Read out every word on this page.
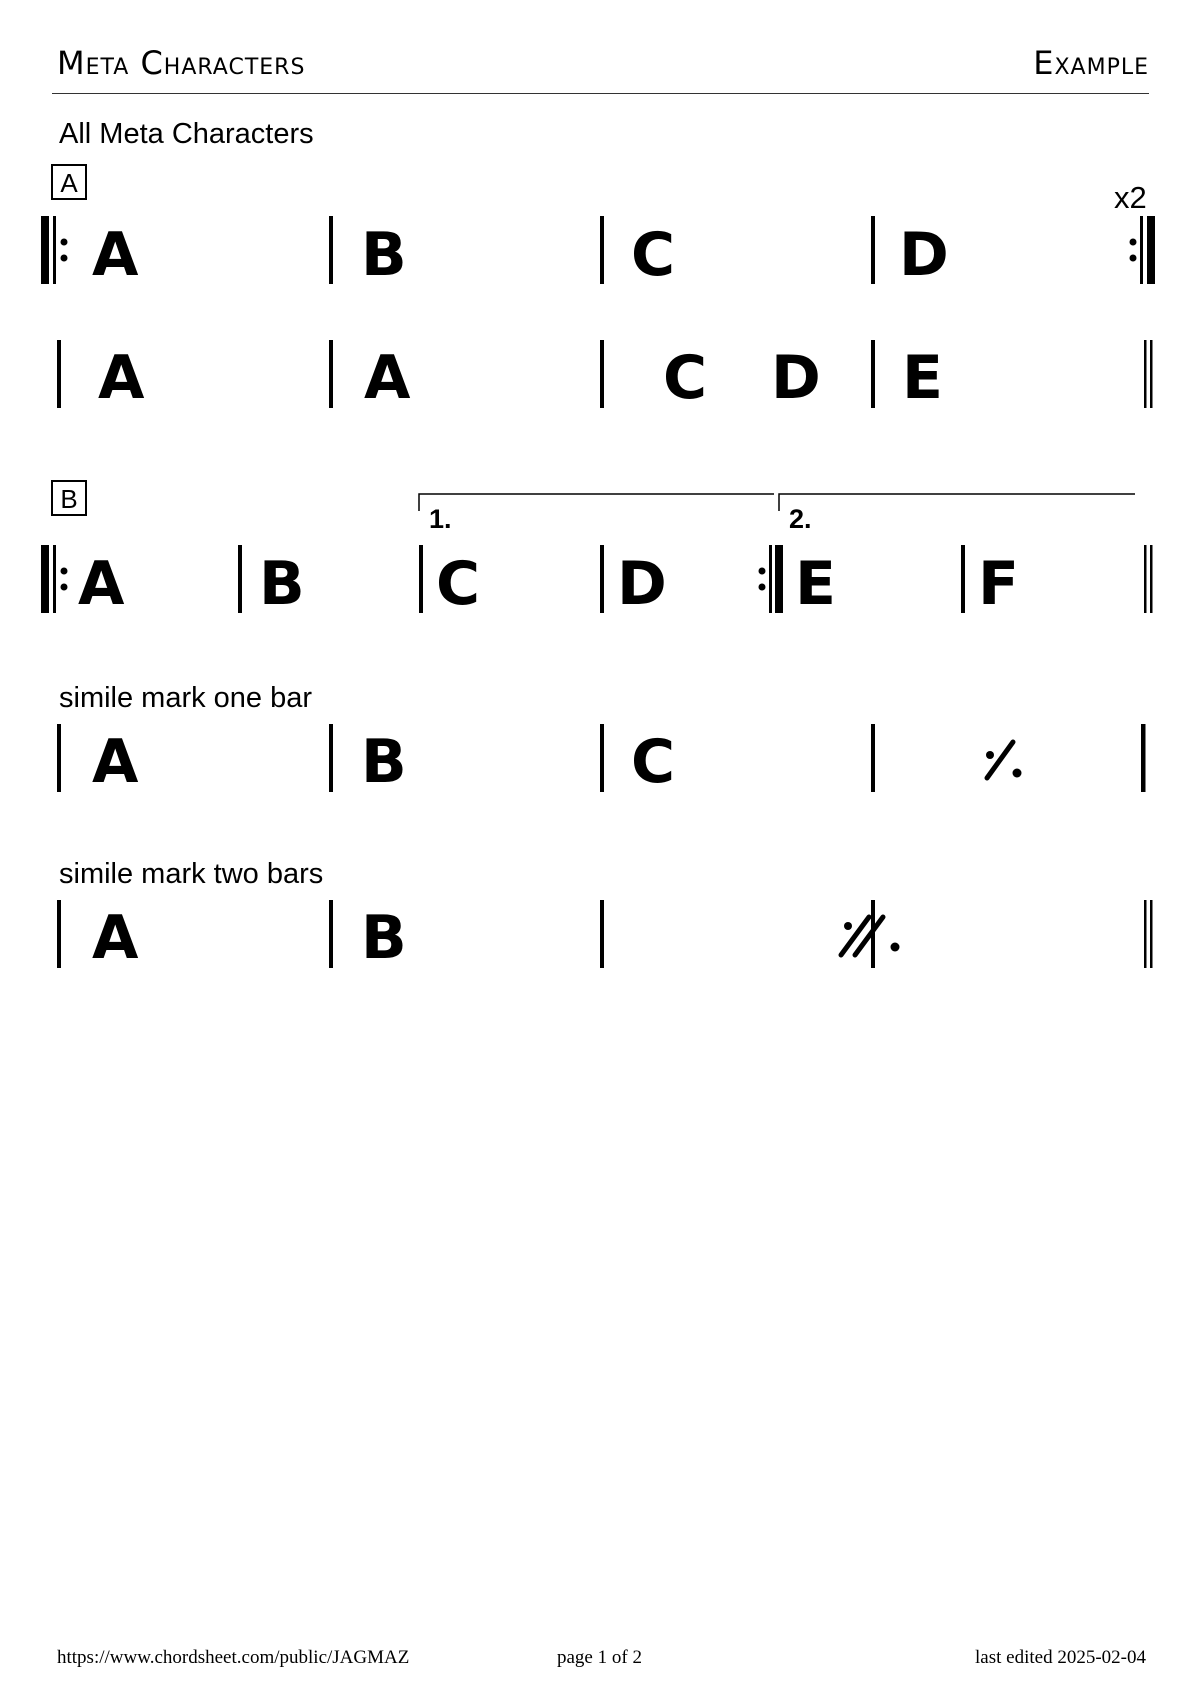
Meta Characters	Example
All Meta Characters
A	x2
B
simile mark one bar
simile mark two bars
A	B	C	D
A	A	C D E
1.	2.
A B C D E F
A	B	C
A	B
https://www.chordsheet.com/public/JAGMAZ	page 1 of 2	last edited 2025-02-04
